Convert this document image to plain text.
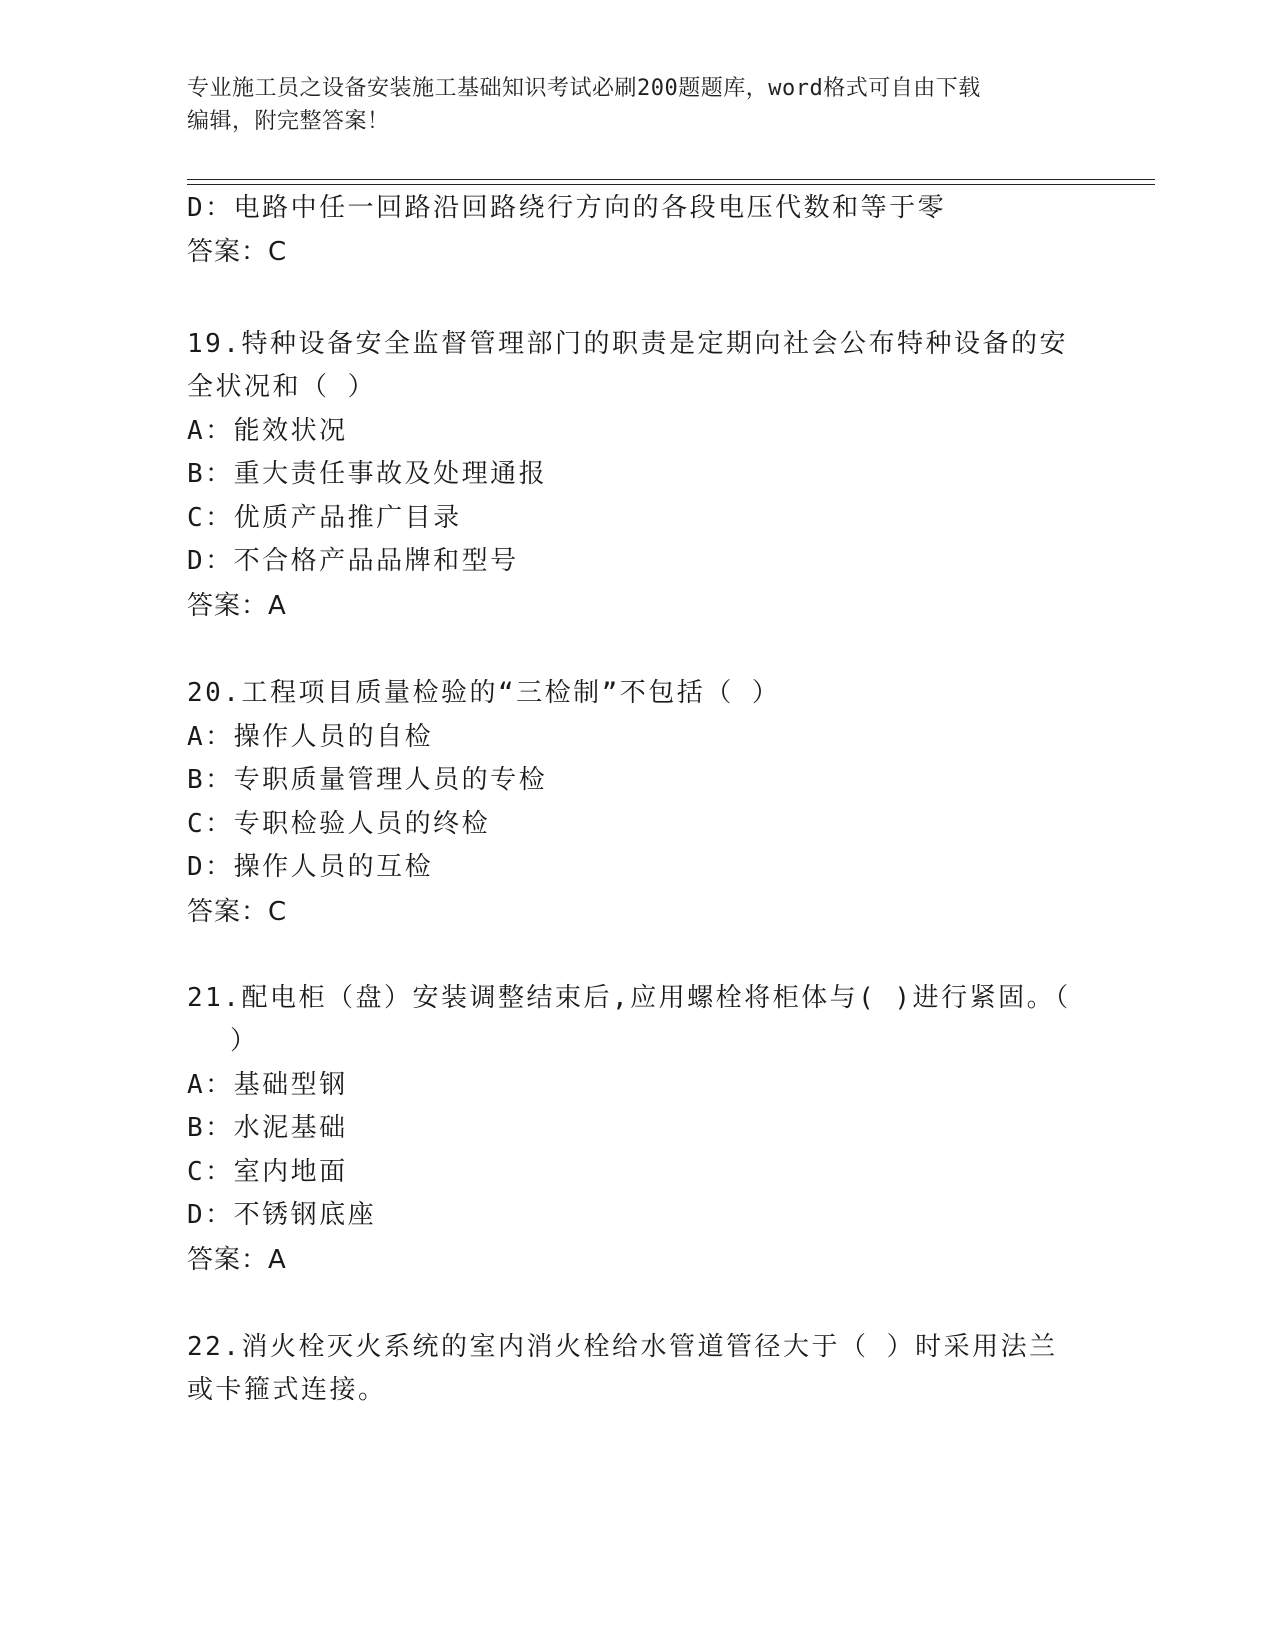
专业施工员之设备安装施工基础知识考试必刷200题题库，word格式可自由下载
编辑，附完整答案！
D：电路中任一回路沿回路绕行方向的各段电压代数和等于零
答案：C
19.特种设备安全监督管理部门的职责是定期向社会公布特种设备的安
全状况和（ ）
A：能效状况
B：重大责任事故及处理通报
C：优质产品推广目录
D：不合格产品品牌和型号
答案：A
20.工程项目质量检验的“三检制”不包括（ ）
A：操作人员的自检
B：专职质量管理人员的专检
C：专职检验人员的终检
D：操作人员的互检
答案：C
21.配电柜（盘）安装调整结束后,应用螺栓将柜体与( )进行紧固。（
）
A：基础型钢
B：水泥基础
C：室内地面
D：不锈钢底座
答案：A
22.消火栓灭火系统的室内消火栓给水管道管径大于（ ）时采用法兰
或卡箍式连接。
